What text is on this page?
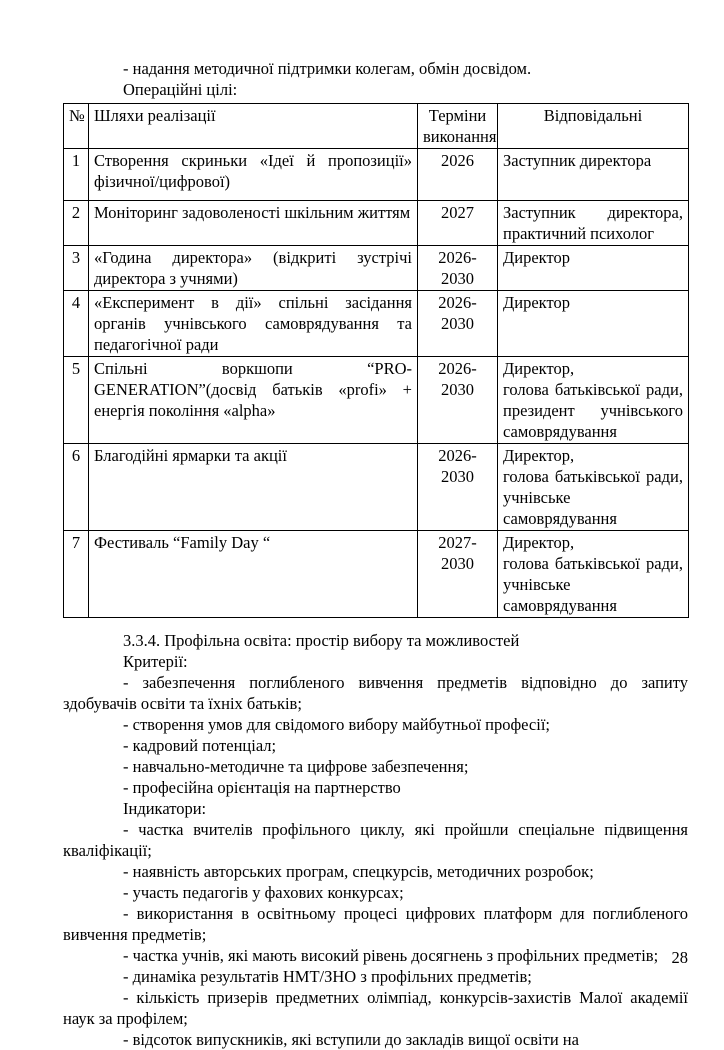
- надання методичної підтримки колегам, обмін досвідом.

Операційні цілі:

№	Шляхи реалізації	Терміни виконання	Відповідальні
1	Створення скриньки «Ідеї й пропозиції» фізичної/цифрової)	2026	Заступник директора

2	Моніторинг задоволеності шкільним життям	2027	Заступник директора, практичний психолог

3	«Година директора» (відкриті зустрічі директора з учнями)	2026-2030	Директор

4	«Експеримент в дії» спільні засідання органів учнівського самоврядування та педагогічної ради	2026-2030	Директор

5	Спільні воркшопи “PRO-GENERATION”(досвід батьків «profi» + енергія покоління «alpha»	2026-2030	Директор,
голова батьківської ради, президент учнівського самоврядування

6	Благодійні ярмарки та акції	2026-2030	Директор,
голова батьківської ради, учнівське самоврядування

7	Фестиваль “Family Day “	2027-2030	Директор,
голова батьківської ради, учнівське самоврядування

3.3.4. Профільна освіта: простір вибору та можливостей

Критерії:

- забезпечення поглибленого вивчення предметів відповідно до запиту здобувачів освіти та їхніх батьків;

- створення умов для свідомого вибору майбутньої професії;

- кадровий потенціал;

- навчально-методичне та цифрове забезпечення;

- професійна орієнтація на партнерство

Індикатори:

- частка вчителів профільного циклу, які пройшли спеціальне підвищення кваліфікації;

- наявність авторських програм, спецкурсів, методичних розробок;

- участь педагогів у фахових конкурсах;

- використання в освітньому процесі цифрових платформ для поглибленого вивчення предметів;

- частка учнів, які мають високий рівень досягнень з профільних предметів;

- динаміка результатів НМТ/ЗНО з профільних предметів;

- кількість призерів предметних олімпіад, конкурсів-захистів Малої академії наук за профілем;

- відсоток випускників, які вступили до закладів вищої освіти на

28
